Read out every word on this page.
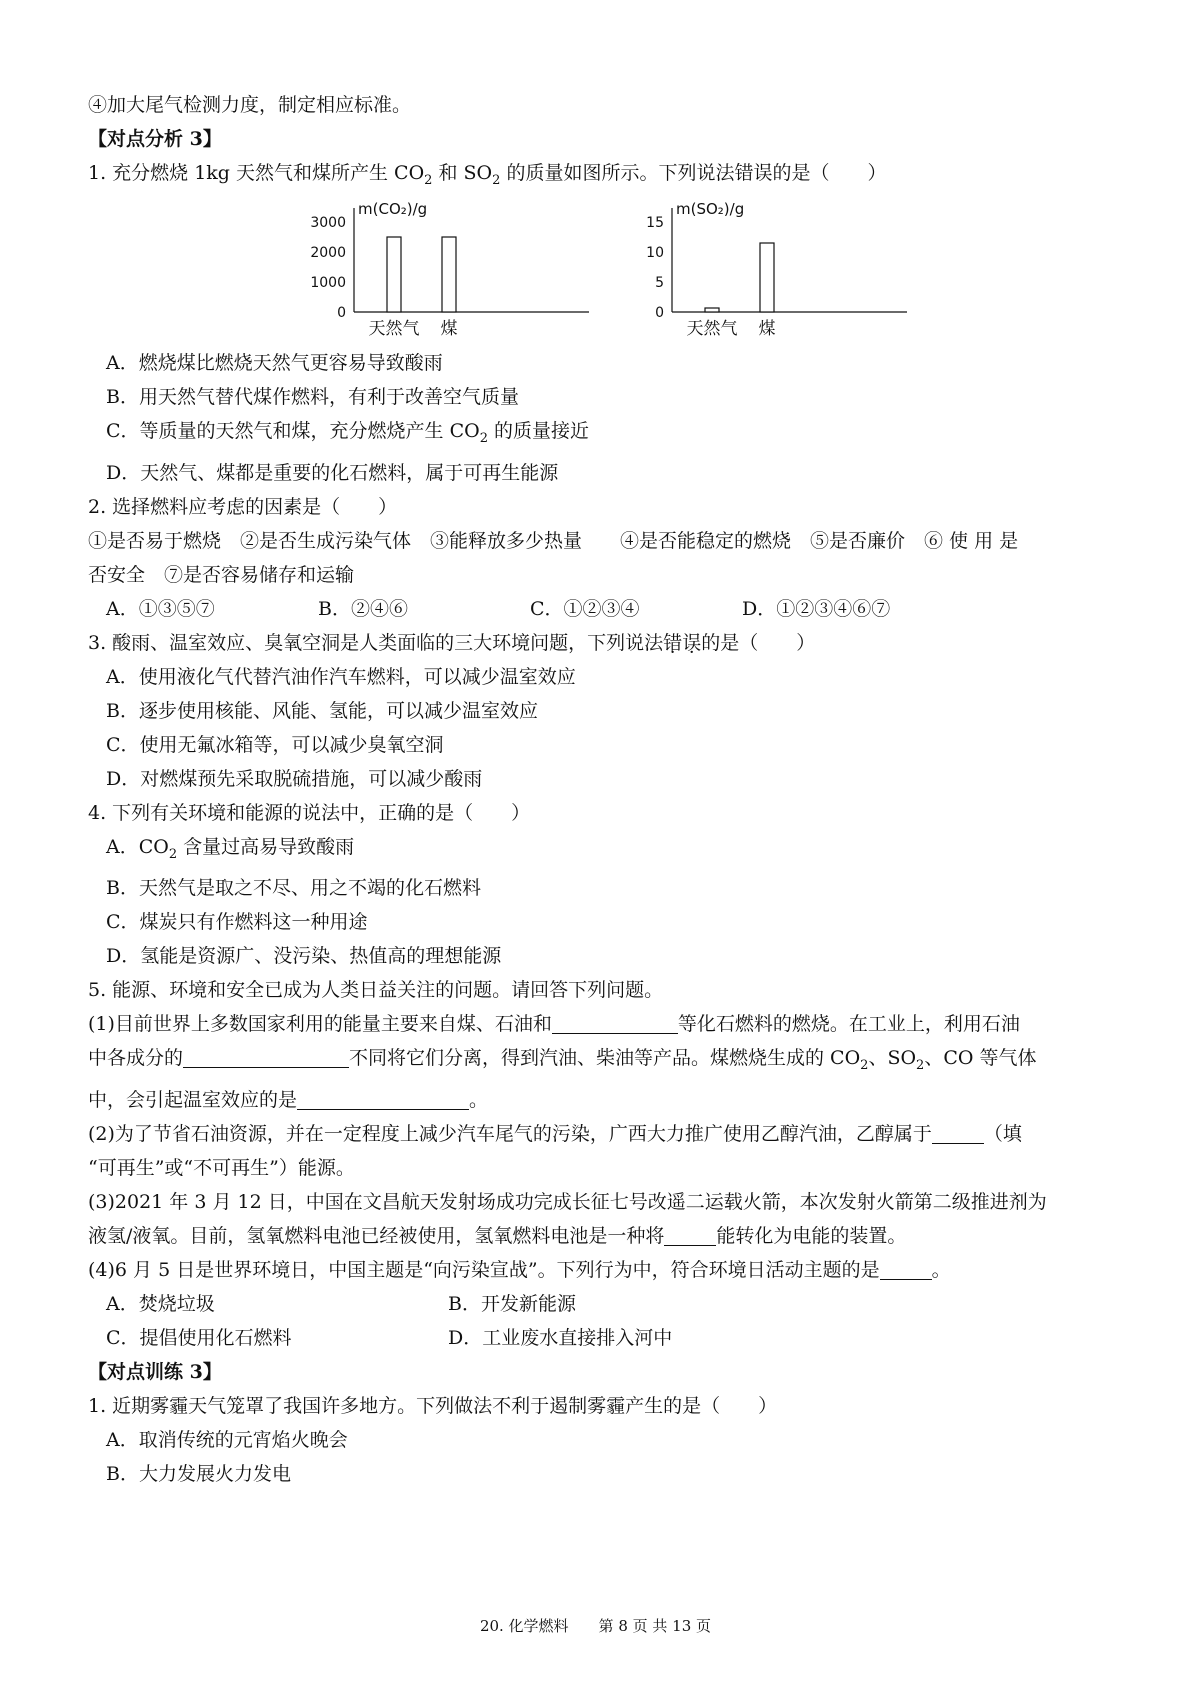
④加大尾气检测力度，制定相应标准。
【对点分析 3】
1. 充分燃烧 1kg 天然气和煤所产生 $CO_2$ 和 $SO_2$ 的质量如图所示。下列说法错误的是（　　）
m(CO₂)/g
3000
2000
1000
0
天然气 煤
m(SO₂)/g
15
10
5
0
天然气 煤
A．燃烧煤比燃烧天然气更容易导致酸雨
B．用天然气替代煤作燃料，有利于改善空气质量
C．等质量的天然气和煤，充分燃烧产生 $CO_2$ 的质量接近
D．天然气、煤都是重要的化石燃料，属于可再生能源
2. 选择燃料应考虑的因素是（　　）
①是否易于燃烧　②是否生成污染气体　③能释放多少热量　　④是否能稳定的燃烧　⑤是否廉价　⑥ 使 用 是
否安全　⑦是否容易储存和运输
A．①③⑤⑦	B．②④⑥	C．①②③④	D．①②③④⑥⑦
3. 酸雨、温室效应、臭氧空洞是人类面临的三大环境问题，下列说法错误的是（　　）
A．使用液化气代替汽油作汽车燃料，可以减少温室效应
B．逐步使用核能、风能、氢能，可以减少温室效应
C．使用无氟冰箱等，可以减少臭氧空洞
D．对燃煤预先采取脱硫措施，可以减少酸雨
4. 下列有关环境和能源的说法中，正确的是（　　）
A．$CO_2$ 含量过高易导致酸雨
B．天然气是取之不尽、用之不竭的化石燃料
C．煤炭只有作燃料这一种用途
D．氢能是资源广、没污染、热值高的理想能源
5. 能源、环境和安全已成为人类日益关注的问题。请回答下列问题。
(1)目前世界上多数国家利用的能量主要来自煤、石油和	等化石燃料的燃烧。在工业上，利用石油
中各成分的	不同将它们分离，得到汽油、柴油等产品。煤燃烧生成的 $CO_2$、$SO_2$、CO 等气体
中，会引起温室效应的是	。
(2)为了节省石油资源，并在一定程度上减少汽车尾气的污染，广西大力推广使用乙醇汽油，乙醇属于	（填
“可再生”或“不可再生”）能源。
(3)2021 年 3 月 12 日，中国在文昌航天发射场成功完成长征七号改遥二运载火箭，本次发射火箭第二级推进剂为
液氢/液氧。目前，氢氧燃料电池已经被使用，氢氧燃料电池是一种将	能转化为电能的装置。
(4)6 月 5 日是世界环境日，中国主题是“向污染宣战”。下列行为中，符合环境日活动主题的是	。
A．焚烧垃圾	B．开发新能源
C．提倡使用化石燃料	D．工业废水直接排入河中
【对点训练 3】
1. 近期雾霾天气笼罩了我国许多地方。下列做法不利于遏制雾霾产生的是（　　）
A．取消传统的元宵焰火晚会
B．大力发展火力发电
20. 化学燃料　　第 8 页 共 13 页
